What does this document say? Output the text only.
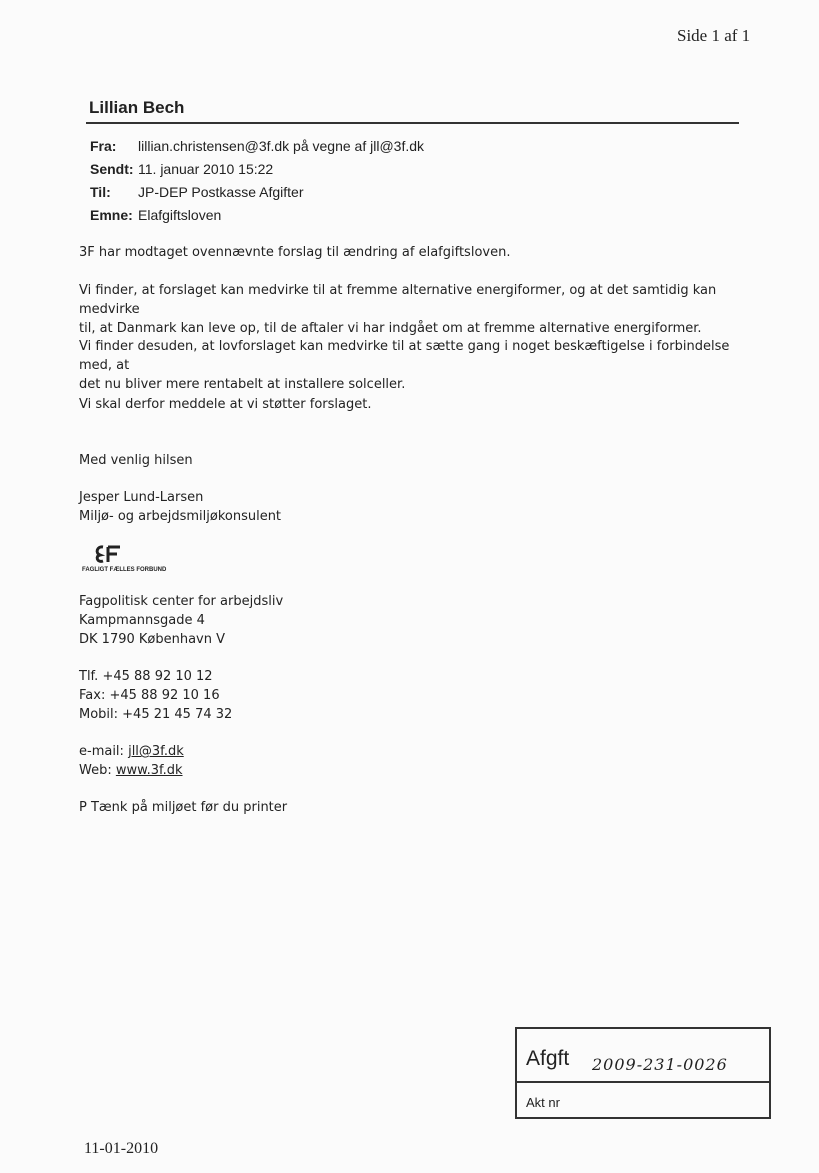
Side 1 af 1
Lillian Bech
Fra: lillian.christensen@3f.dk på vegne af jll@3f.dk
Sendt: 11. januar 2010 15:22
Til: JP-DEP Postkasse Afgifter
Emne: Elafgiftsloven
3F har modtaget ovennævnte forslag til ændring af elafgiftsloven.
Vi finder, at forslaget kan medvirke til at fremme alternative energiformer, og at det samtidig kan medvirke
til, at Danmark kan leve op, til de aftaler vi har indgået om at fremme alternative energiformer.
Vi finder desuden, at lovforslaget kan medvirke til at sætte gang i noget beskæftigelse i forbindelse med, at
det nu bliver mere rentabelt at installere solceller.
Vi skal derfor meddele at vi støtter forslaget.
Med venlig hilsen
Jesper Lund-Larsen
Miljø- og arbejdsmiljøkonsulent
FAGLIGT FÆLLES FORBUND
Fagpolitisk center for arbejdsliv
Kampmannsgade 4
DK 1790 København V
Tlf. +45 88 92 10 12
Fax: +45 88 92 10 16
Mobil: +45 21 45 74 32
e-mail: jll@3f.dk
Web: www.3f.dk
P Tænk på miljøet før du printer
Afgft 2009-231-0026
Akt nr
11-01-2010
